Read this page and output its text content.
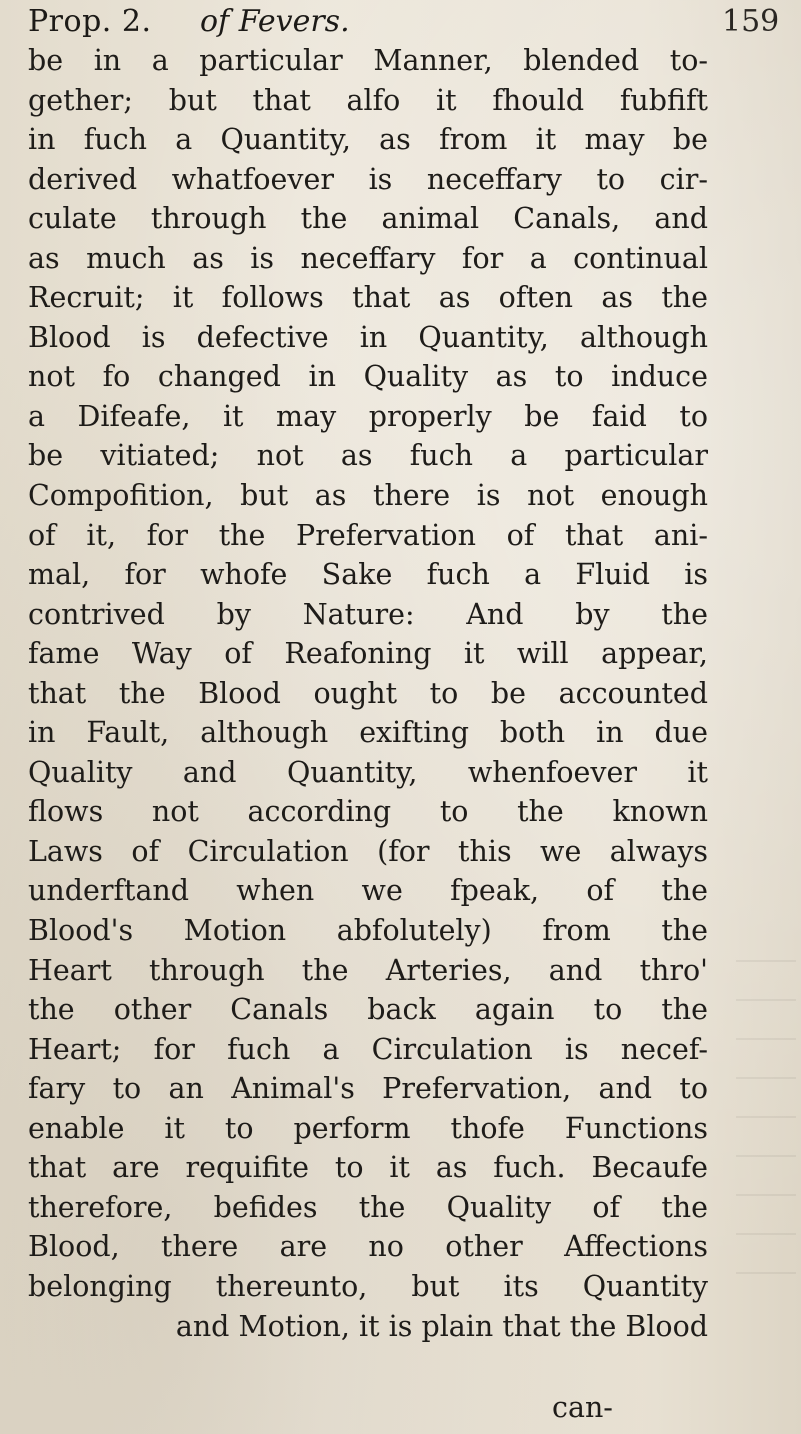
Prop. 2. of Fevers.	159
be in a particular Manner, blended to-
gether; but that alfo it fhould fubfift
in fuch a Quantity, as from it may be
derived whatfoever is neceffary to cir-
culate through the animal Canals, and
as much as is neceffary for a continual
Recruit; it follows that as often as the
Blood is defective in Quantity, although
not fo changed in Quality as to induce
a Difeafe, it may properly be faid to
be vitiated; not as fuch a particular
Compofition, but as there is not enough
of it, for the Prefervation of that ani-
mal, for whofe Sake fuch a Fluid is
contrived by Nature: And by the
fame Way of Reafoning it will appear,
that the Blood ought to be accounted
in Fault, although exifting both in due
Quality and Quantity, whenfoever it
flows not according to the known
Laws of Circulation (for this we always
underftand when we fpeak, of the
Blood's Motion abfolutely) from the
Heart through the Arteries, and thro'
the other Canals back again to the
Heart; for fuch a Circulation is necef-
fary to an Animal's Prefervation, and to
enable it to perform thofe Functions
that are requifite to it as fuch. Becaufe
therefore, befides the Quality of the
Blood, there are no other Affections
belonging thereunto, but its Quantity
and Motion, it is plain that the Blood
can-
